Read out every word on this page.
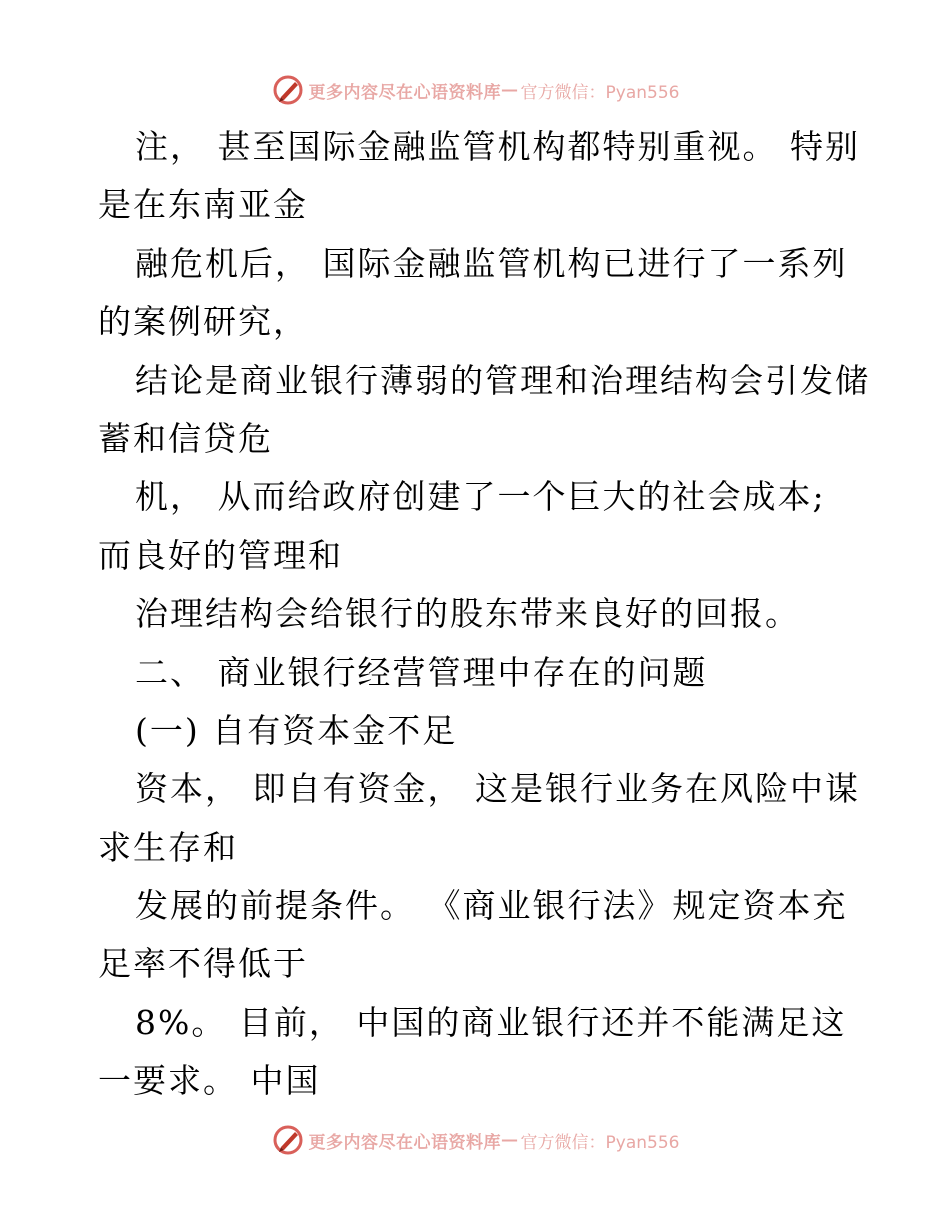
更多内容尽在心语资料库 — 官方微信：Pyan556
注， 甚至国际金融监管机构都特别重视。 特别
是在东南亚金
融危机后， 国际金融监管机构已进行了一系列
的案例研究，
结论是商业银行薄弱的管理和治理结构会引发储
蓄和信贷危
机， 从而给政府创建了一个巨大的社会成本;
而良好的管理和
治理结构会给银行的股东带来良好的回报。
二、 商业银行经营管理中存在的问题
(一) 自有资本金不足
资本， 即自有资金， 这是银行业务在风险中谋
求生存和
发展的前提条件。 《商业银行法》规定资本充
足率不得低于
8%。 目前， 中国的商业银行还并不能满足这
一要求。 中国
更多内容尽在心语资料库 — 官方微信：Pyan556
